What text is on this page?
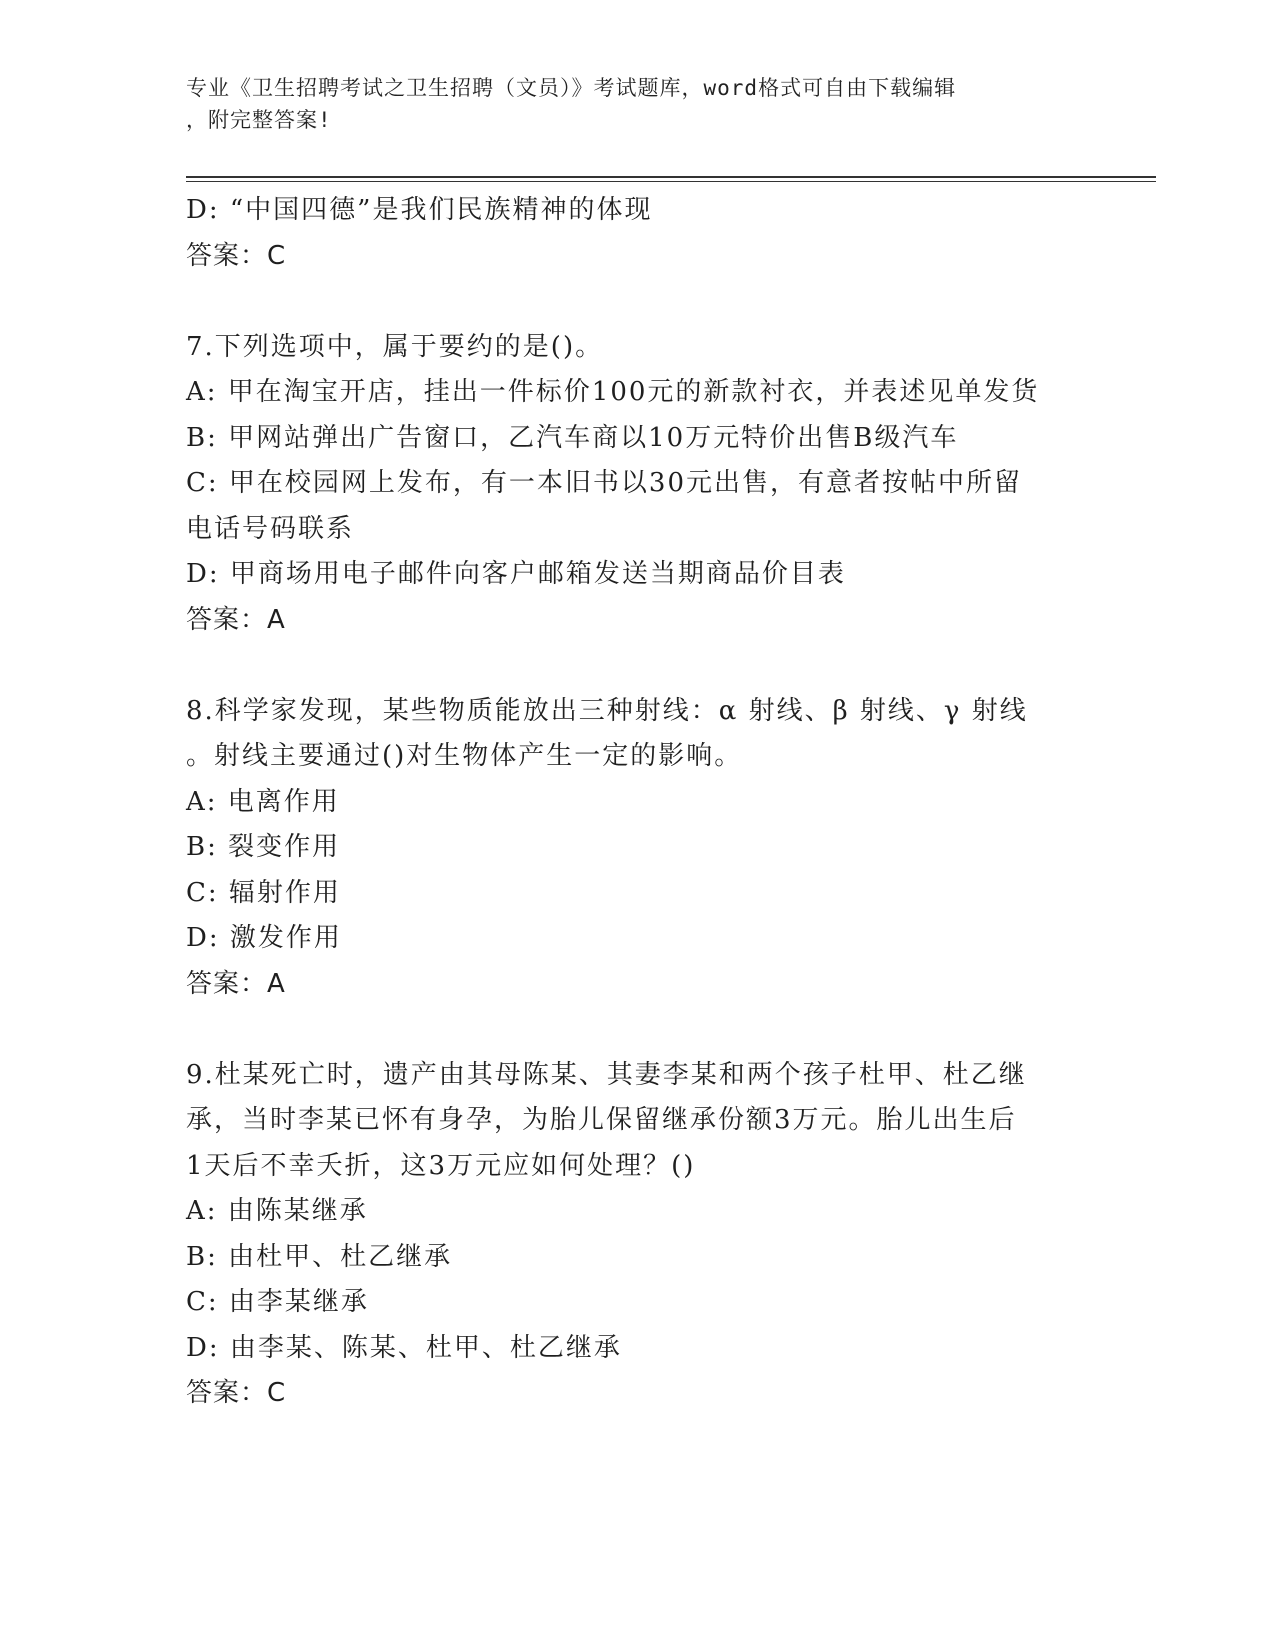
专业《卫生招聘考试之卫生招聘（文员）》考试题库，word格式可自由下载编辑
，附完整答案!
D: “中国四德”是我们民族精神的体现
答案：C
7.下列选项中，属于要约的是()。
A: 甲在淘宝开店，挂出一件标价100元的新款衬衣，并表述见单发货
B: 甲网站弹出广告窗口，乙汽车商以10万元特价出售B级汽车
C: 甲在校园网上发布，有一本旧书以30元出售，有意者按帖中所留
电话号码联系
D: 甲商场用电子邮件向客户邮箱发送当期商品价目表
答案：A
8.科学家发现，某些物质能放出三种射线：α 射线、β 射线、γ 射线
。射线主要通过()对生物体产生一定的影响。
A: 电离作用
B: 裂变作用
C: 辐射作用
D: 激发作用
答案：A
9.杜某死亡时，遗产由其母陈某、其妻李某和两个孩子杜甲、杜乙继
承，当时李某已怀有身孕，为胎儿保留继承份额3万元。胎儿出生后
1天后不幸夭折，这3万元应如何处理？()
A: 由陈某继承
B: 由杜甲、杜乙继承
C: 由李某继承
D: 由李某、陈某、杜甲、杜乙继承
答案：C
